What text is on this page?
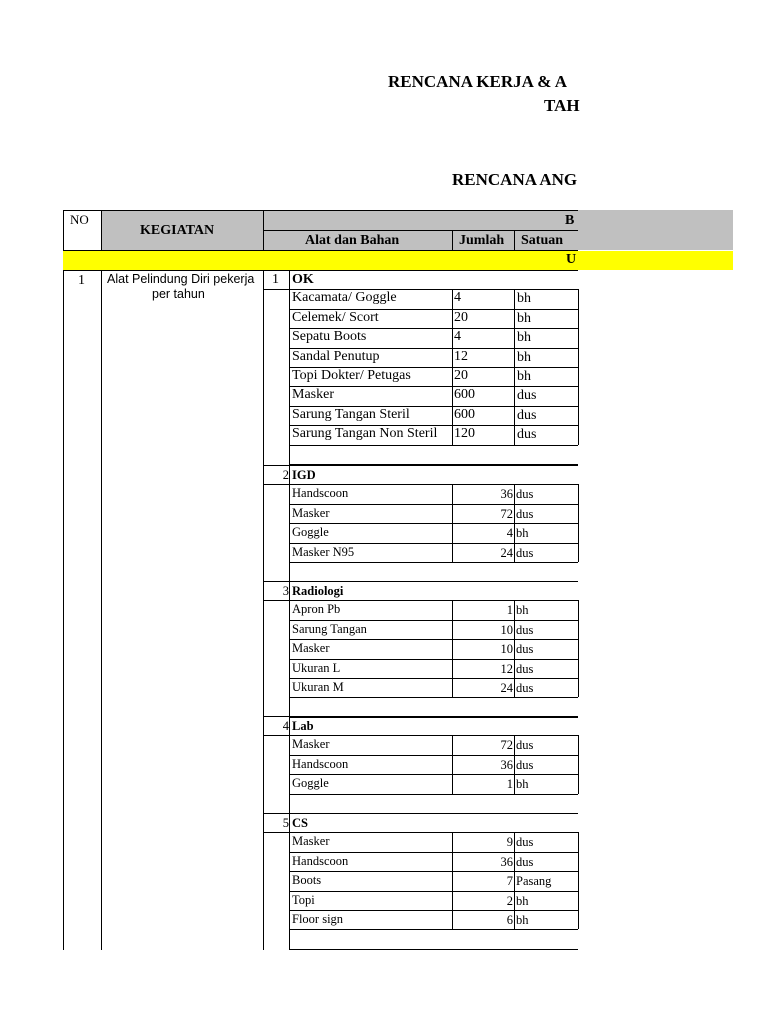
RENCANA KERJA & A
TAH
RENCANA ANG
NO
KEGIATAN
B
Alat dan Bahan	Jumlah Satuan
U
1 Alat Pelindung Diri pekerja
per tahun
1 OK
Kacamata/ Goggle	4	bh
Celemek/ Scort	20	bh
Sepatu Boots	4	bh
Sandal Penutup	12	bh
Topi Dokter/ Petugas	20	bh
Masker	600	dus
Sarung Tangan Steril	600	dus
Sarung Tangan Non Steril 120	dus
2 IGD
Handscoon	36 dus
Masker	72 dus
Goggle	4 bh
Masker N95	24 dus
3 Radiologi
Apron Pb	1 bh
Sarung Tangan	10 dus
Masker	10 dus
Ukuran L	12 dus
Ukuran M	24 dus
4 Lab
Masker	72 dus
Handscoon	36 dus
Goggle	1 bh
5 CS
Masker	9 dus
Handscoon	36 dus
Boots	7 Pasang
Topi	2 bh
Floor sign	6 bh
